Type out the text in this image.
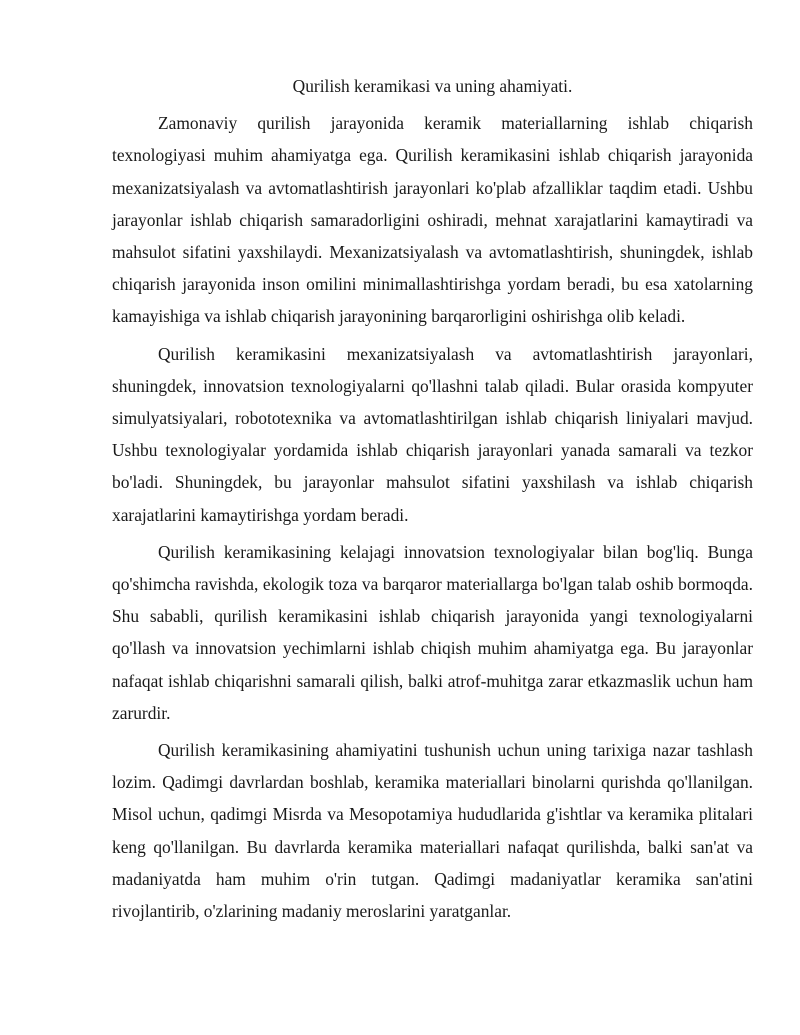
Qurilish keramikasi va uning ahamiyati.

Zamonaviy qurilish jarayonida keramik materiallarning ishlab chiqarish texnologiyasi muhim ahamiyatga ega. Qurilish keramikasini ishlab chiqarish jarayonida mexanizatsiyalash va avtomatlashtirish jarayonlari ko'plab afzalliklar taqdim etadi. Ushbu jarayonlar ishlab chiqarish samaradorligini oshiradi, mehnat xarajatlarini kamaytiradi va mahsulot sifatini yaxshilaydi. Mexanizatsiyalash va avtomatlashtirish, shuningdek, ishlab chiqarish jarayonida inson omilini minimallashtirishga yordam beradi, bu esa xatolarning kamayishiga va ishlab chiqarish jarayonining barqarorligini oshirishga olib keladi.

Qurilish keramikasini mexanizatsiyalash va avtomatlashtirish jarayonlari, shuningdek, innovatsion texnologiyalarni qo'llashni talab qiladi. Bular orasida kompyuter simulyatsiyalari, robototexnika va avtomatlashtirilgan ishlab chiqarish liniyalari mavjud. Ushbu texnologiyalar yordamida ishlab chiqarish jarayonlari yanada samarali va tezkor bo'ladi. Shuningdek, bu jarayonlar mahsulot sifatini yaxshilash va ishlab chiqarish xarajatlarini kamaytirishga yordam beradi.

Qurilish keramikasining kelajagi innovatsion texnologiyalar bilan bog'liq. Bunga qo'shimcha ravishda, ekologik toza va barqaror materiallarga bo'lgan talab oshib bormoqda. Shu sababli, qurilish keramikasini ishlab chiqarish jarayonida yangi texnologiyalarni qo'llash va innovatsion yechimlarni ishlab chiqish muhim ahamiyatga ega. Bu jarayonlar nafaqat ishlab chiqarishni samarali qilish, balki atrof-muhitga zarar etkazmaslik uchun ham zarurdir.

Qurilish keramikasining ahamiyatini tushunish uchun uning tarixiga nazar tashlash lozim. Qadimgi davrlardan boshlab, keramika materiallari binolarni qurishda qo'llanilgan. Misol uchun, qadimgi Misrda va Mesopotamiya hududlarida g'ishtlar va keramika plitalari keng qo'llanilgan. Bu davrlarda keramika materiallari nafaqat qurilishda, balki san'at va madaniyatda ham muhim o'rin tutgan. Qadimgi madaniyatlar keramika san'atini rivojlantirib, o'zlarining madaniy meroslarini yaratganlar.
